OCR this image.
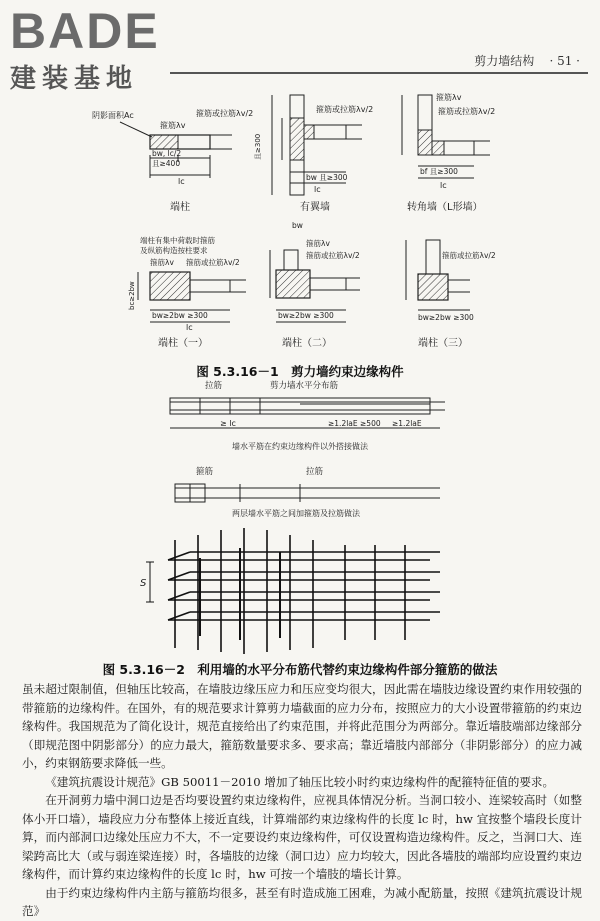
BADE
建装基地
剪力墙结构 · 51 ·
阴影面积Ac
箍筋λv
箍筋或拉筋λv/2
bw, lc/2
且≥400
lc
端柱
箍筋或拉筋λv/2
bw 且≥300
lc
且≥300
有翼墙
箍筋λv
箍筋或拉筋λv/2
bf 且≥300
lc
转角墙（L形墙）
端柱有集中荷载时箍筋
及纵筋构造按柱要求
箍筋λv 箍筋或拉筋λv/2
bc≥2bw
bw≥2bw ≥300
lc
端柱（一）
bw
箍筋λv
箍筋或拉筋λv/2
bw≥2bw ≥300
端柱（二）
箍筋或拉筋λv/2
bw≥2bw ≥300
端柱（三）
拉筋	剪力墙水平分布筋
≥ lc	≥1.2laE ≥500 ≥1.2laE
墙水平筋在约束边缘构件以外搭接做法
箍筋	拉筋
两层墙水平筋之间加箍筋及拉筋做法
S
图 5.3.16－1　剪力墙约束边缘构件
图 5.3.16－2　利用墙的水平分布筋代替约束边缘构件部分箍筋的做法

虽未超过限制值，但轴压比较高，在墙肢边缘压应力和压应变均很大，因此需在墙肢边缘设置约束作用较强的带箍筋的边缘构件。在国外，有的规范要求计算剪力墙截面的应力分布，按照应力的大小设置带箍筋的约束边缘构件。我国规范为了简化设计，规范直接给出了约束范围，并将此范围分为两部分。靠近墙肢端部边缘部分（即规范图中阴影部分）的应力最大，箍筋数量要求多、要求高；靠近墙肢内部部分（非阴影部分）的应力减小，约束钢筋要求降低一些。

《建筑抗震设计规范》GB 50011－2010 增加了轴压比较小时约束边缘构件的配箍特征值的要求。

在开洞剪力墙中洞口边是否均要设置约束边缘构件，应视具体情况分析。当洞口较小、连梁较高时（如整体小开口墙），墙段应力分布整体上接近直线，计算端部约束边缘构件的长度 lc 时，hw 宜按整个墙段长度计算，而内部洞口边缘处压应力不大，不一定要设约束边缘构件，可仅设置构造边缘构件。反之，当洞口大、连梁跨高比大（或与弱连梁连接）时，各墙肢的边缘（洞口边）应力均较大，因此各墙肢的端部均应设置约束边缘构件，而计算约束边缘构件的长度 lc 时，hw 可按一个墙肢的墙长计算。

由于约束边缘构件内主筋与箍筋均很多，甚至有时造成施工困难，为减小配筋量，按照《建筑抗震设计规范》
